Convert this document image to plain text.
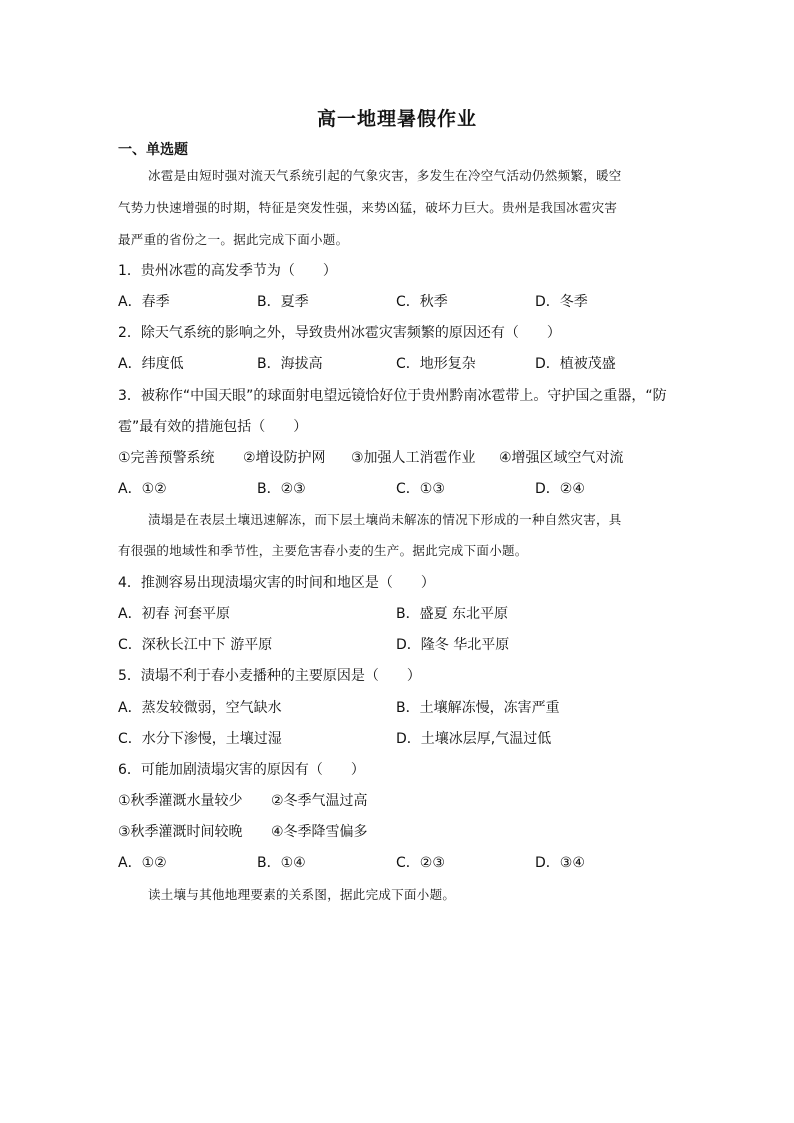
高一地理暑假作业
一、单选题
冰雹是由短时强对流天气系统引起的气象灾害，多发生在冷空气活动仍然频繁，暖空
气势力快速增强的时期，特征是突发性强，来势凶猛，破坏力巨大。贵州是我国冰雹灾害
最严重的省份之一。据此完成下面小题。
1．贵州冰雹的高发季节为（　　）
A．春季	B．夏季	C．秋季	D．冬季
2．除天气系统的影响之外，导致贵州冰雹灾害频繁的原因还有（　　）
A．纬度低	B．海拔高	C．地形复杂	D．植被茂盛
3．被称作“中国天眼”的球面射电望远镜恰好位于贵州黔南冰雹带上。守护国之重器，“防
雹”最有效的措施包括（　　）
①完善预警系统 ②增设防护网 ③加强人工消雹作业 ④增强区域空气对流
A．①②	B．②③	C．①③	D．②④
渍塌是在表层土壤迅速解冻，而下层土壤尚未解冻的情况下形成的一种自然灾害，具
有很强的地域性和季节性，主要危害春小麦的生产。据此完成下面小题。
4．推测容易出现渍塌灾害的时间和地区是（　　）
A．初春 河套平原	B．盛夏 东北平原
C．深秋长江中下 游平原	D．隆冬 华北平原
5．渍塌不利于春小麦播种的主要原因是（　　）
A．蒸发较微弱，空气缺水	B．土壤解冻慢，冻害严重
C．水分下渗慢，土壤过湿	D．土壤冰层厚,气温过低
6．可能加剧渍塌灾害的原因有（　　）
①秋季灌溉水量较少 ②冬季气温过高
③秋季灌溉时间较晚 ④冬季降雪偏多
A．①②	B．①④	C．②③	D．③④
读土壤与其他地理要素的关系图，据此完成下面小题。
